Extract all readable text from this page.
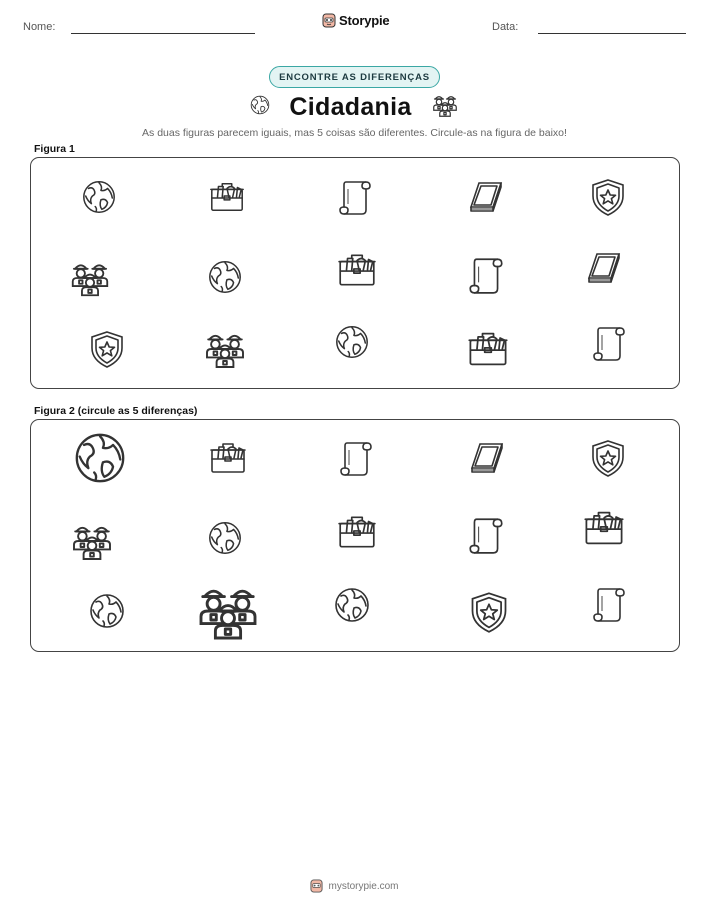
Nome:	Storypie	Data:
ENCONTRE AS DIFERENÇAS
Cidadania
As duas figuras parecem iguais, mas 5 coisas são diferentes. Circule-as na figura de baixo!
Figura 1
Figura 2 (circule as 5 diferenças)
mystorypie.com
